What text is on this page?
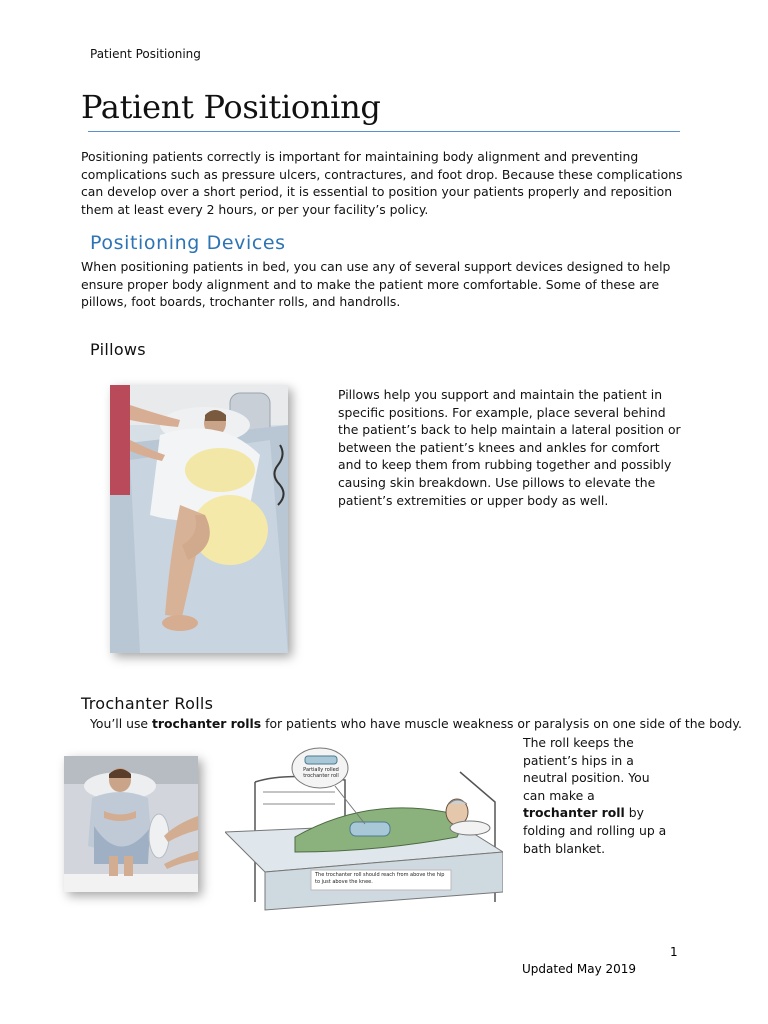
Patient Positioning
Patient Positioning
Positioning patients correctly is important for maintaining body alignment and preventing complications such as pressure ulcers, contractures, and foot drop. Because these complications can develop over a short period, it is essential to position your patients properly and reposition them at least every 2 hours, or per your facility’s policy.
Positioning Devices
When positioning patients in bed, you can use any of several support devices designed to help ensure proper body alignment and to make the patient more comfortable. Some of these are pillows, foot boards, trochanter rolls, and handrolls.
Pillows
Pillows help you support and maintain the patient in specific positions. For example, place several behind the patient’s back to help maintain a lateral position or between the patient’s knees and ankles for comfort and to keep them from rubbing together and possibly causing skin breakdown. Use pillows to elevate the patient’s extremities or upper body as well.
Trochanter Rolls
You’ll use trochanter rolls for patients who have muscle weakness or paralysis on one side of the body.
Partially rolled trochanter roll
The trochanter roll should reach from above the hip to just above the knee.
The roll keeps the patient’s hips in a neutral position. You can make a trochanter roll by folding and rolling up a bath blanket.
1
Updated May 2019
